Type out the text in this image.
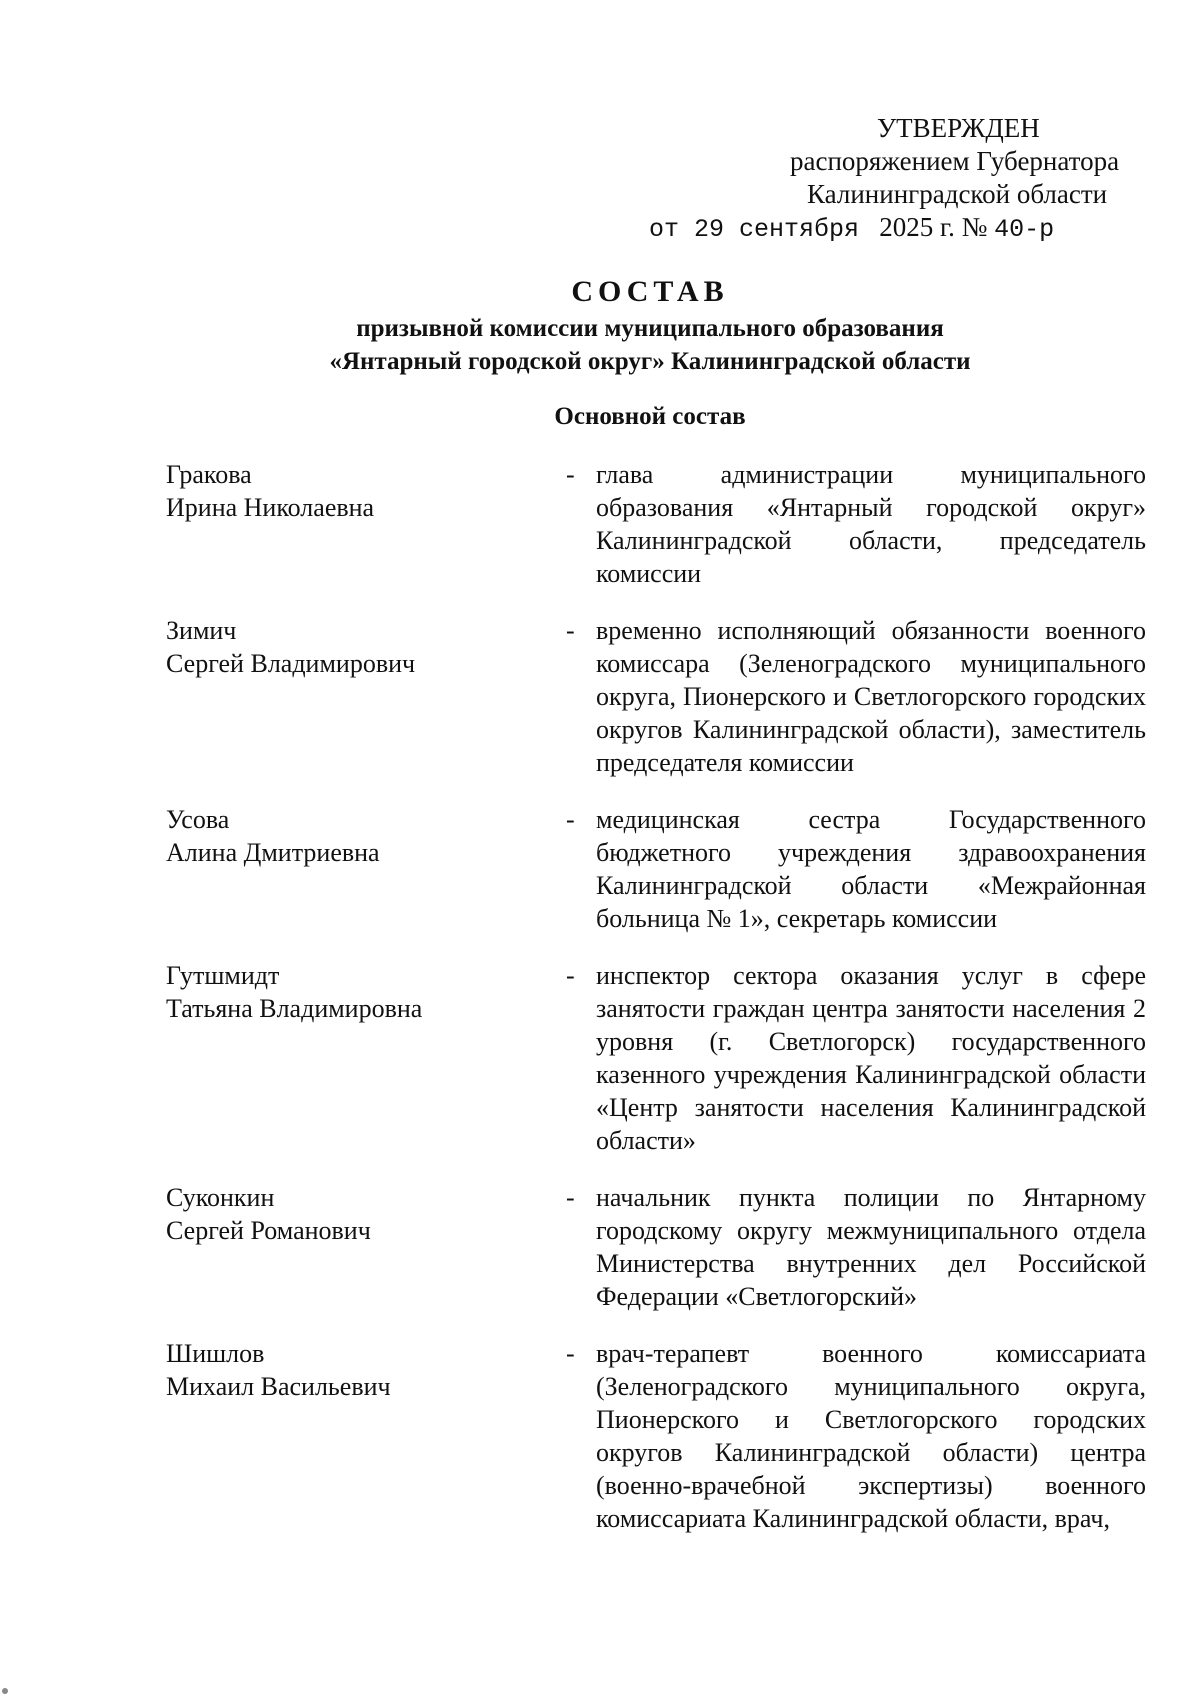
УТВЕРЖДЕН
распоряжением Губернатора
Калининградской области
от 29 сентября 2025 г. № 40-р
СОСТАВ
призывной комиссии муниципального образования
«Янтарный городской округ» Калининградской области
Основной состав
Гракова
Ирина Николаевна
- глава администрации муниципального образования «Янтарный городской округ» Калининградской области, председатель комиссии
Зимич
Сергей Владимирович
- временно исполняющий обязанности военного комиссара (Зеленоградского муниципального округа, Пионерского и Светлогорского городских округов Калининградской области), заместитель председателя комиссии
Усова
Алина Дмитриевна
- медицинская сестра Государственного бюджетного учреждения здравоохранения Калининградской области «Межрайонная больница № 1», секретарь комиссии
Гутшмидт
Татьяна Владимировна
- инспектор сектора оказания услуг в сфере занятости граждан центра занятости населения 2 уровня (г. Светлогорск) государственного казенного учреждения Калининградской области «Центр занятости населения Калининградской области»
Суконкин
Сергей Романович
- начальник пункта полиции по Янтарному городскому округу межмуниципального отдела Министерства внутренних дел Российской Федерации «Светлогорский»
Шишлов
Михаил Васильевич
- врач-терапевт военного комиссариата (Зеленоградского муниципального округа, Пионерского и Светлогорского городских округов Калининградской области) центра (военно-врачебной экспертизы) военного комиссариата Калининградской области, врач,
